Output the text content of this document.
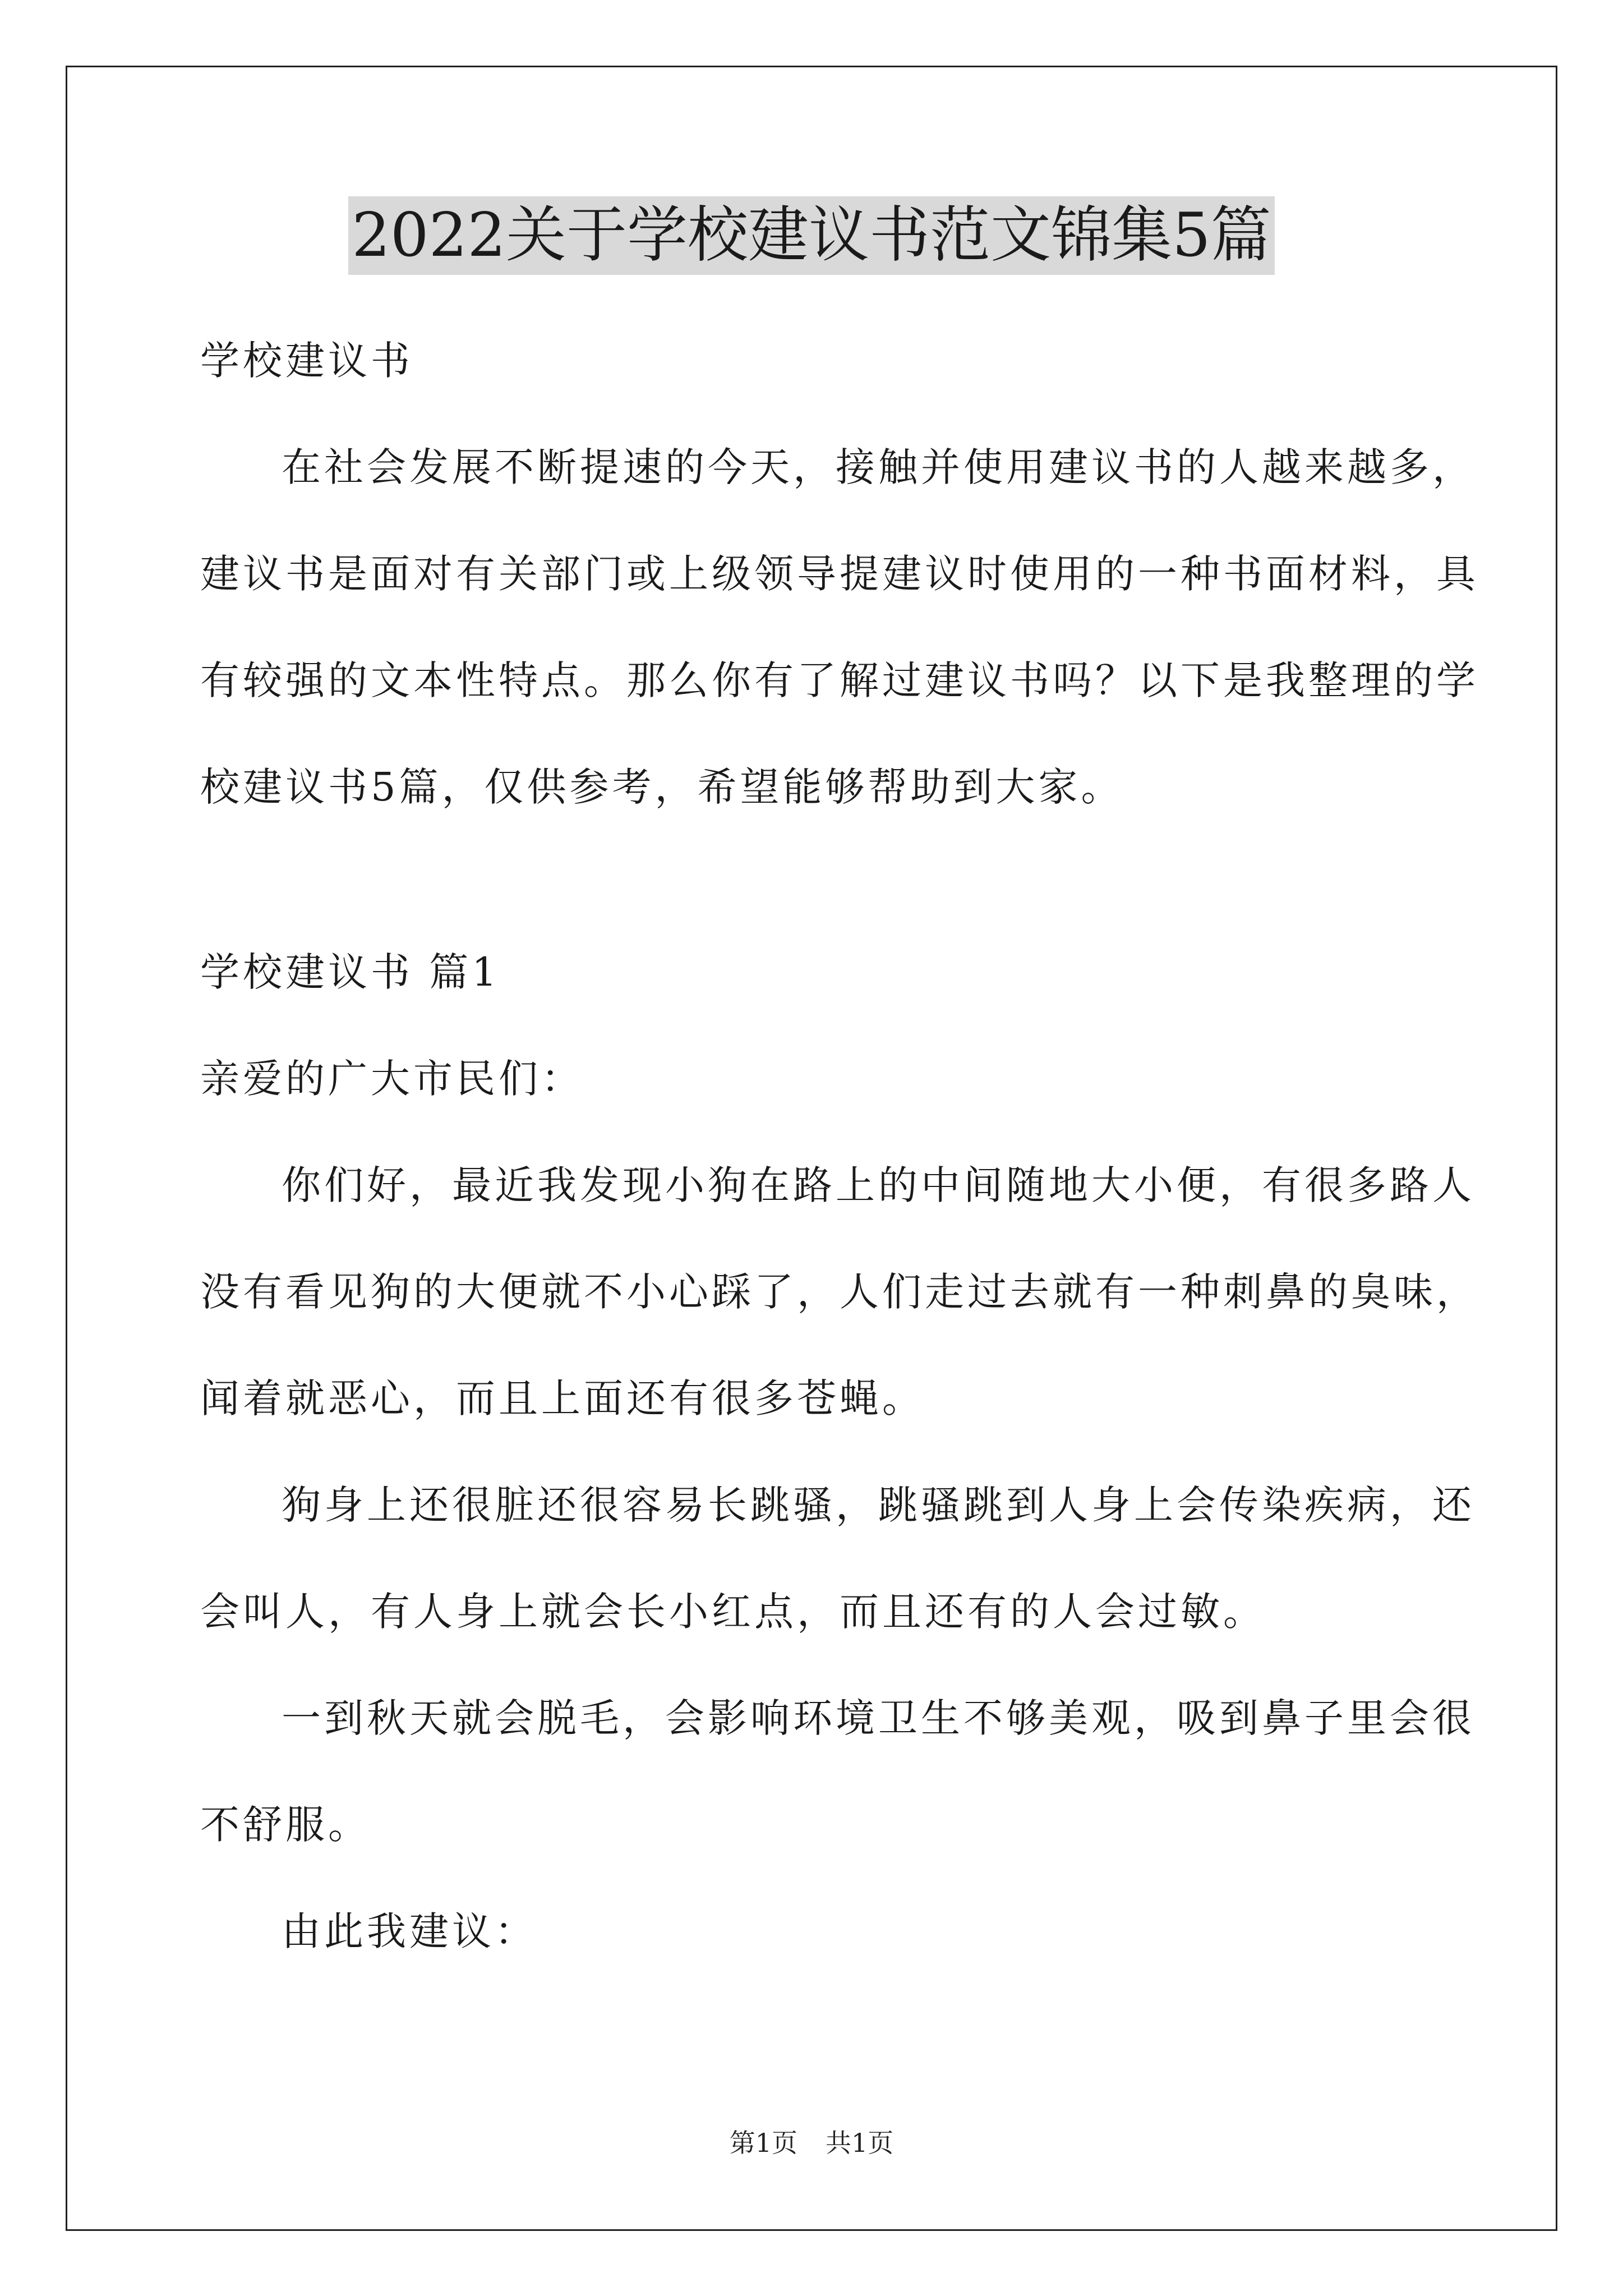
2022关于学校建议书范文锦集5篇
学校建议书
在社会发展不断提速的今天，接触并使用建议书的人越来越多，
建议书是面对有关部门或上级领导提建议时使用的一种书面材料，具
有较强的文本性特点。那么你有了解过建议书吗？以下是我整理的学
校建议书5篇，仅供参考，希望能够帮助到大家。
学校建议书 篇1
亲爱的广大市民们：
你们好，最近我发现小狗在路上的中间随地大小便，有很多路人
没有看见狗的大便就不小心踩了，人们走过去就有一种刺鼻的臭味，
闻着就恶心，而且上面还有很多苍蝇。
狗身上还很脏还很容易长跳骚，跳骚跳到人身上会传染疾病，还
会叫人，有人身上就会长小红点，而且还有的人会过敏。
一到秋天就会脱毛，会影响环境卫生不够美观，吸到鼻子里会很
不舒服。
由此我建议：
第1页 共1页
